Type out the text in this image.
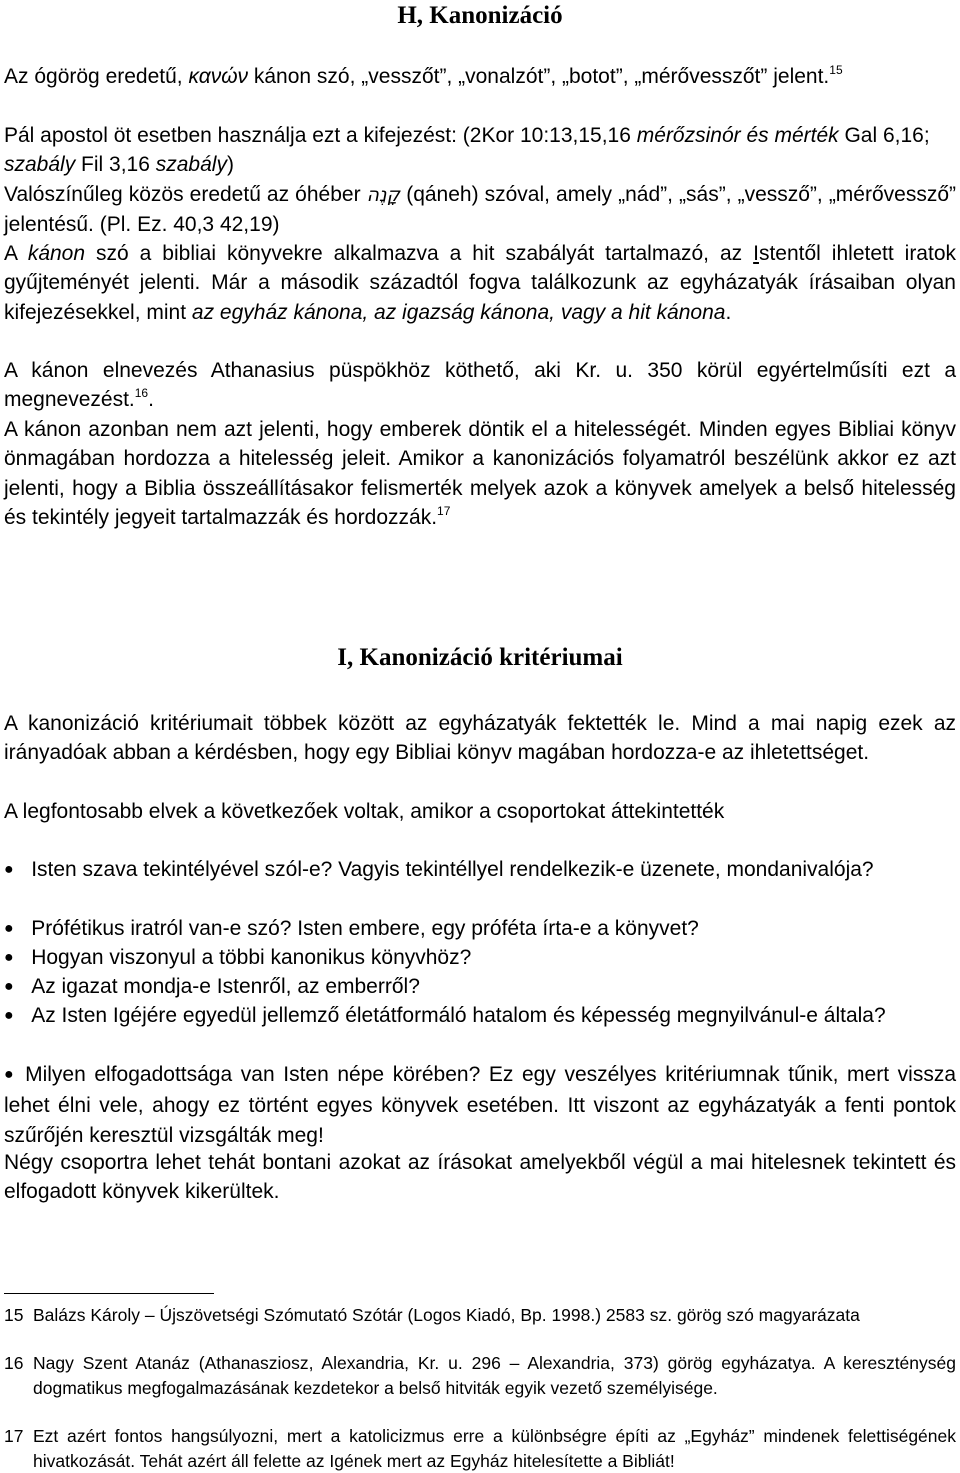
H, Kanonizáció
Az ógörög eredetű, κανών kánon szó, „vesszőt”, „vonalzót”, „botot”, „mérővesszőt” jelent.$^{15}$
Pál apostol öt esetben használja ezt a kifejezést: (2Kor 10:13,15,16 mérőzsinór és mérték Gal 6,16; szabály Fil 3,16 szabály)
Valószínűleg közös eredetű az óhéber קָנֶה (qáneh) szóval, amely „nád”, „sás”, „vessző”, „mérővessző” jelentésű. (Pl. Ez. 40,3 42,19)
A kánon szó a bibliai könyvekre alkalmazva a hit szabályát tartalmazó, az Istentől ihletett iratok gyűjteményét jelenti. Már a második századtól fogva találkozunk az egyházatyák írásaiban olyan kifejezésekkel, mint az egyház kánona, az igazság kánona, vagy a hit kánona.
A kánon elnevezés Athanasius püspökhöz köthető, aki Kr. u. 350 körül egyértelműsíti ezt a megnevezést.$^{16}$.
A kánon azonban nem azt jelenti, hogy emberek döntik el a hitelességét. Minden egyes Bibliai könyv önmagában hordozza a hitelesség jeleit. Amikor a kanonizációs folyamatról beszélünk akkor ez azt jelenti, hogy a Biblia összeállításakor felismerték melyek azok a könyvek amelyek a belső hitelesség és tekintély jegyeit tartalmazzák és hordozzák.$^{17}$
I, Kanonizáció kritériumai
A kanonizáció kritériumait többek között az egyházatyák fektették le. Mind a mai napig ezek az irányadóak abban a kérdésben, hogy egy Bibliai könyv magában hordozza-e az ihletettséget.
A legfontosabb elvek a következőek voltak, amikor a csoportokat áttekintették
● Isten szava tekintélyével szól-e? Vagyis tekintéllyel rendelkezik-e üzenete, mondanivalója?
● Prófétikus iratról van-e szó? Isten embere, egy próféta írta-e a könyvet?
● Hogyan viszonyul a többi kanonikus könyvhöz?
● Az igazat mondja-e Istenről, az emberről?
● Az Isten Igéjére egyedül jellemző életátformáló hatalom és képesség megnyilvánul-e általa?
● Milyen elfogadottsága van Isten népe körében? Ez egy veszélyes kritériumnak tűnik, mert vissza lehet élni vele, ahogy ez történt egyes könyvek esetében. Itt viszont az egyházatyák a fenti pontok szűrőjén keresztül vizsgálták meg!
Négy csoportra lehet tehát bontani azokat az írásokat amelyekből végül a mai hitelesnek tekintett és elfogadott könyvek kikerültek.
15 Balázs Károly – Újszövetségi Szómutató Szótár (Logos Kiadó, Bp. 1998.) 2583 sz. görög szó magyarázata
16 Nagy Szent Atanáz (Athanasziosz, Alexandria, Kr. u. 296 – Alexandria, 373) görög egyházatya. A kereszténység dogmatikus megfogalmazásának kezdetekor a belső hitviták egyik vezető személyisége.
17 Ezt azért fontos hangsúlyozni, mert a katolicizmus erre a különbségre építi az „Egyház” mindenek felettiségének hivatkozását. Tehát azért áll felette az Igének mert az Egyház hitelesítette a Bibliát!
